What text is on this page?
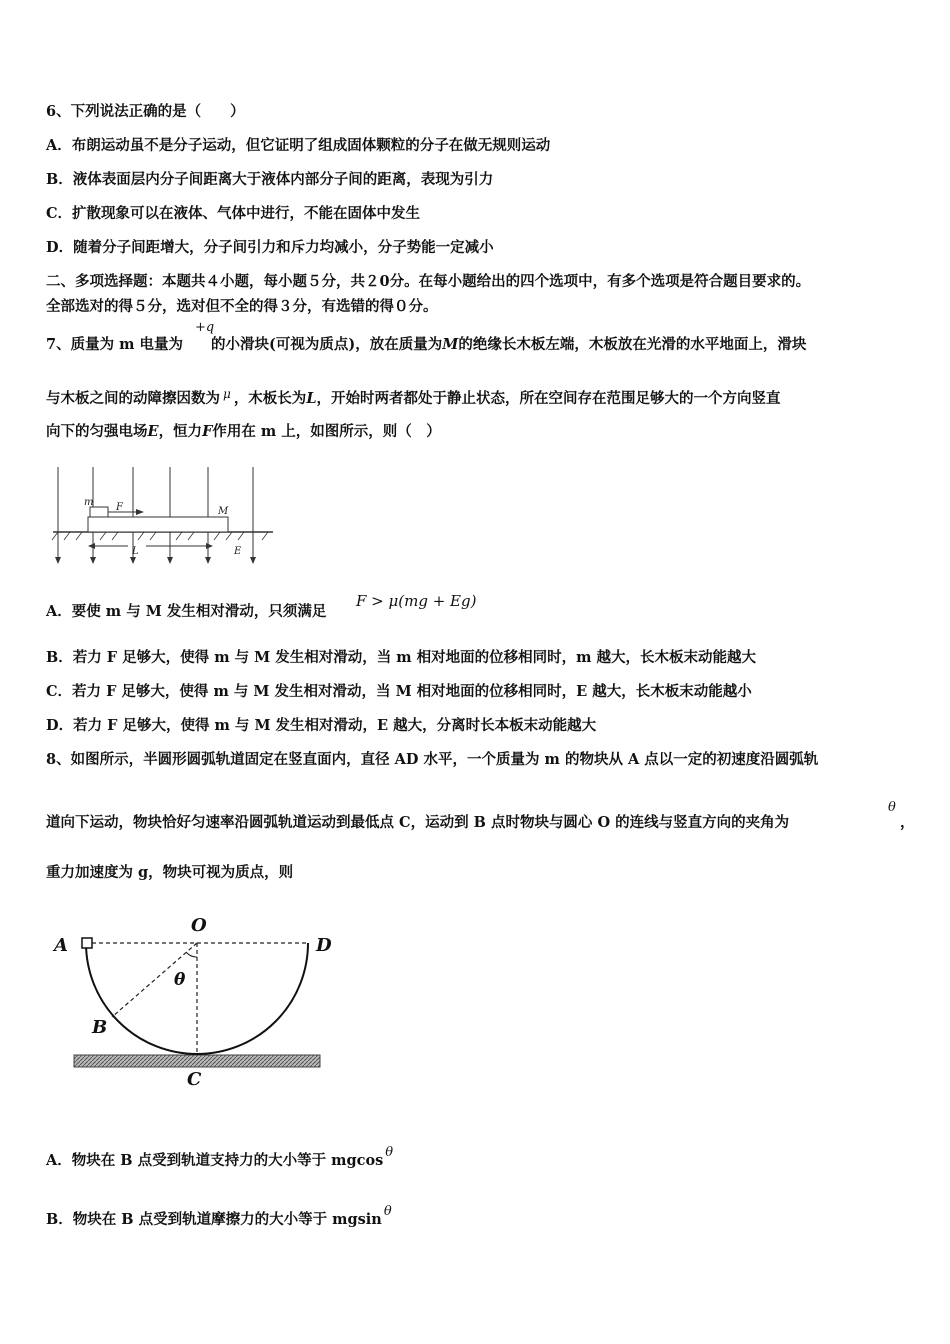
6、下列说法正确的是（　　）
A．布朗运动虽不是分子运动，但它证明了组成固体颗粒的分子在做无规则运动
B．液体表面层内分子间距离大于液体内部分子间的距离，表现为引力
C．扩散现象可以在液体、气体中进行，不能在固体中发生
D．随着分子间距增大，分子间引力和斥力均减小，分子势能一定减小
二、多项选择题：本题共４小题，每小题５分，共２0分。在每小题给出的四个选项中，有多个选项是符合题目要求的。
全部选对的得５分，选对但不全的得３分，有选错的得０分。
+q
7、质量为 m 电量为 的小滑块(可视为质点)，放在质量为M的绝缘长木板左端，木板放在光滑的水平地面上，滑块
与木板之间的动障擦因数为 $^\mu$ ，木板长为L，开始时两者都处于静止状态，所在空间存在范围足够大的一个方向竖直
向下的匀强电场E，恒力F作用在 m 上，如图所示，则（　）
m F	M
L	E
A．要使 m 与 M 发生相对滑动，只须满足
F > μ(mg + Eg)
B．若力 F 足够大，使得 m 与 M 发生相对滑动，当 m 相对地面的位移相同时，m 越大，长木板末动能越大
C．若力 F 足够大，使得 m 与 M 发生相对滑动，当 M 相对地面的位移相同时，E 越大，长木板末动能越小
D．若力 F 足够大，使得 m 与 M 发生相对滑动，E 越大，分离时长本板末动能越大
8、如图所示，半圆形圆弧轨道固定在竖直面内，直径 AD 水平，一个质量为 m 的物块从 A 点以一定的初速度沿圆弧轨
道向下运动，物块恰好匀速率沿圆弧轨道运动到最低点 C，运动到 B 点时物块与圆心 O 的连线与竖直方向的夹角为
θ
，
重力加速度为 g，物块可视为质点，则
A
O
D
B
C
θ
A．物块在 B 点受到轨道支持力的大小等于 mgcos θ
B．物块在 B 点受到轨道摩擦力的大小等于 mgsin θ
